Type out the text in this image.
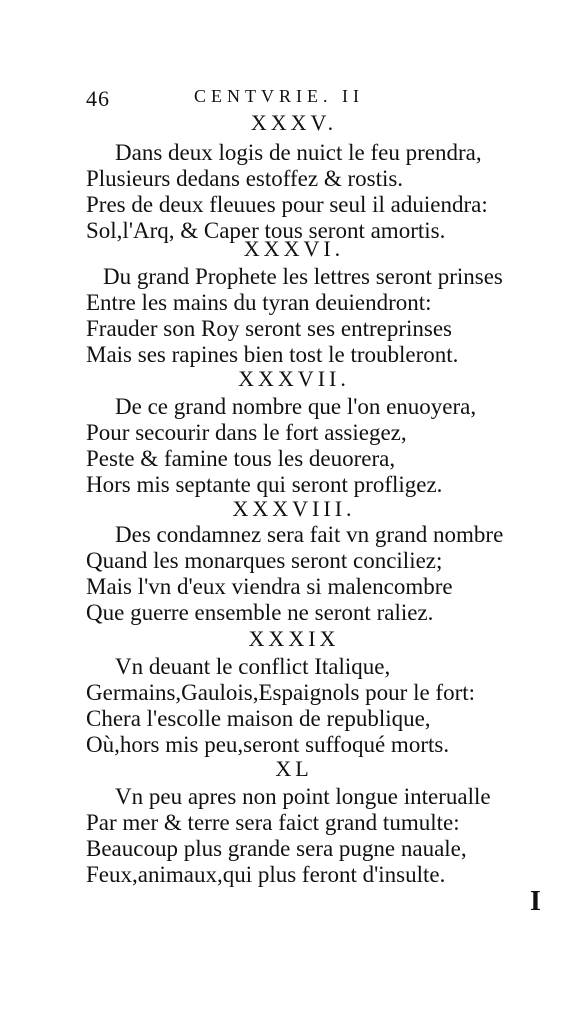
46	CENTVRIE. II
XXXV.
Dans deux logis de nuict le feu prendra,
Plusieurs dedans estoffez & rostis.
Pres de deux fleuues pour seul il aduiendra:
Sol,l'Arq, & Caper tous seront amortis.
XXXVI.
Du grand Prophete les lettres seront prinses
Entre les mains du tyran deuiendront:
Frauder son Roy seront ses entreprinses
Mais ses rapines bien tost le troubleront.
XXXVII.
De ce grand nombre que l'on enuoyera,
Pour secourir dans le fort assiegez,
Peste & famine tous les deuorera,
Hors mis septante qui seront profligez.
XXXVIII.
Des condamnez sera fait vn grand nombre
Quand les monarques seront conciliez;
Mais l'vn d'eux viendra si malencombre
Que guerre ensemble ne seront raliez.
XXXIX
Vn deuant le conflict Italique,
Germains,Gaulois,Espaignols pour le fort:
Chera l'escolle maison de republique,
Où,hors mis peu,seront suffoqué morts.
XL
Vn peu apres non point longue interualle
Par mer & terre sera faict grand tumulte:
Beaucoup plus grande sera pugne nauale,
Feux,animaux,qui plus feront d'insulte.
I
